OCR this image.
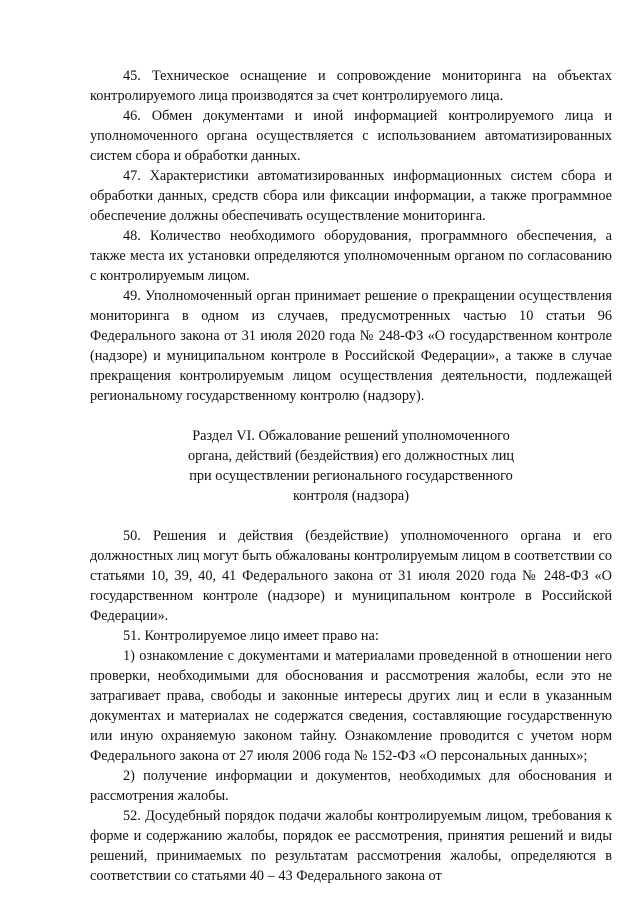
45. Техническое оснащение и сопровождение мониторинга на объектах контролируемого лица производятся за счет контролируемого лица.

46. Обмен документами и иной информацией контролируемого лица и уполномоченного органа осуществляется с использованием автоматизированных систем сбора и обработки данных.

47. Характеристики автоматизированных информационных систем сбора и обработки данных, средств сбора или фиксации информации, а также программное обеспечение должны обеспечивать осуществление мониторинга.

48. Количество необходимого оборудования, программного обеспечения, а также места их установки определяются уполномоченным органом по согласованию с контролируемым лицом.

49. Уполномоченный орган принимает решение о прекращении осуществления мониторинга в одном из случаев, предусмотренных частью 10 статьи 96 Федерального закона от 31 июля 2020 года № 248-ФЗ «О государственном контроле (надзоре) и муниципальном контроле в Российской Федерации», а также в случае прекращения контролируемым лицом осуществления деятельности, подлежащей региональному государственному контролю (надзору).

Раздел VI. Обжалование решений уполномоченного
органа, действий (бездействия) его должностных лиц
при осуществлении регионального государственного
контроля (надзора)

50. Решения и действия (бездействие) уполномоченного органа и его должностных лиц могут быть обжалованы контролируемым лицом в соответствии со статьями 10, 39, 40, 41 Федерального закона от 31 июля 2020 года № 248-ФЗ «О государственном контроле (надзоре) и муниципальном контроле в Российской Федерации».

51. Контролируемое лицо имеет право на:

1) ознакомление с документами и материалами проведенной в отношении него проверки, необходимыми для обоснования и рассмотрения жалобы, если это не затрагивает права, свободы и законные интересы других лиц и если в указанным документах и материалах не содержатся сведения, составляющие государственную или иную охраняемую законом тайну. Ознакомление проводится с учетом норм Федерального закона от 27 июля 2006 года № 152-ФЗ «О персональных данных»;

2) получение информации и документов, необходимых для обоснования и рассмотрения жалобы.

52. Досудебный порядок подачи жалобы контролируемым лицом, требования к форме и содержанию жалобы, порядок ее рассмотрения, принятия решений и виды решений, принимаемых по результатам рассмотрения жалобы, определяются в соответствии со статьями 40 – 43 Федерального закона от
